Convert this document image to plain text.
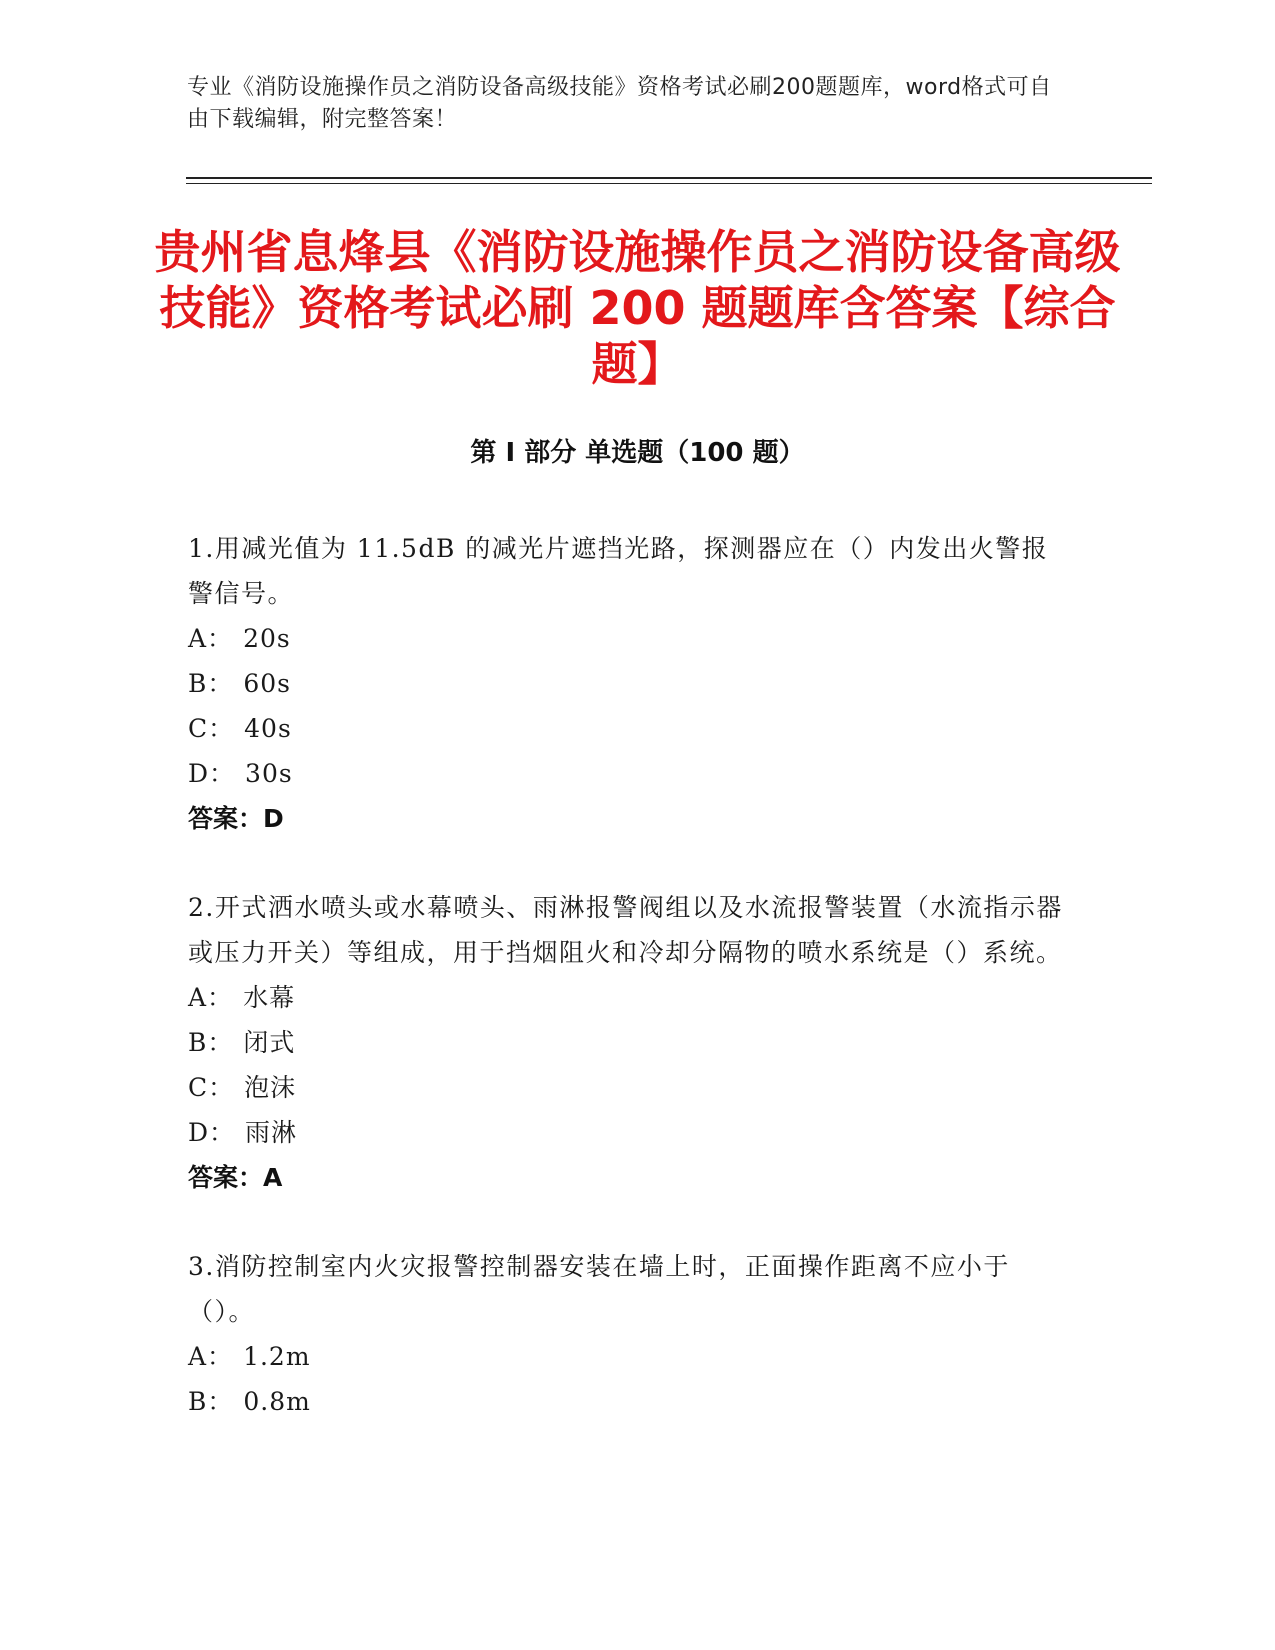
专业《消防设施操作员之消防设备高级技能》资格考试必刷200题题库，word格式可自由下载编辑，附完整答案！
贵州省息烽县《消防设施操作员之消防设备高级技能》资格考试必刷 200 题题库含答案【综合题】
第 I 部分 单选题（100 题）
1.用减光值为 11.5dB 的减光片遮挡光路，探测器应在（）内发出火警报警信号。
A： 20s
B： 60s
C： 40s
D： 30s
答案：D
2.开式洒水喷头或水幕喷头、雨淋报警阀组以及水流报警装置（水流指示器或压力开关）等组成，用于挡烟阻火和冷却分隔物的喷水系统是（）系统。
A： 水幕
B： 闭式
C： 泡沫
D： 雨淋
答案：A
3.消防控制室内火灾报警控制器安装在墙上时，正面操作距离不应小于（）。
A： 1.2m
B： 0.8m
